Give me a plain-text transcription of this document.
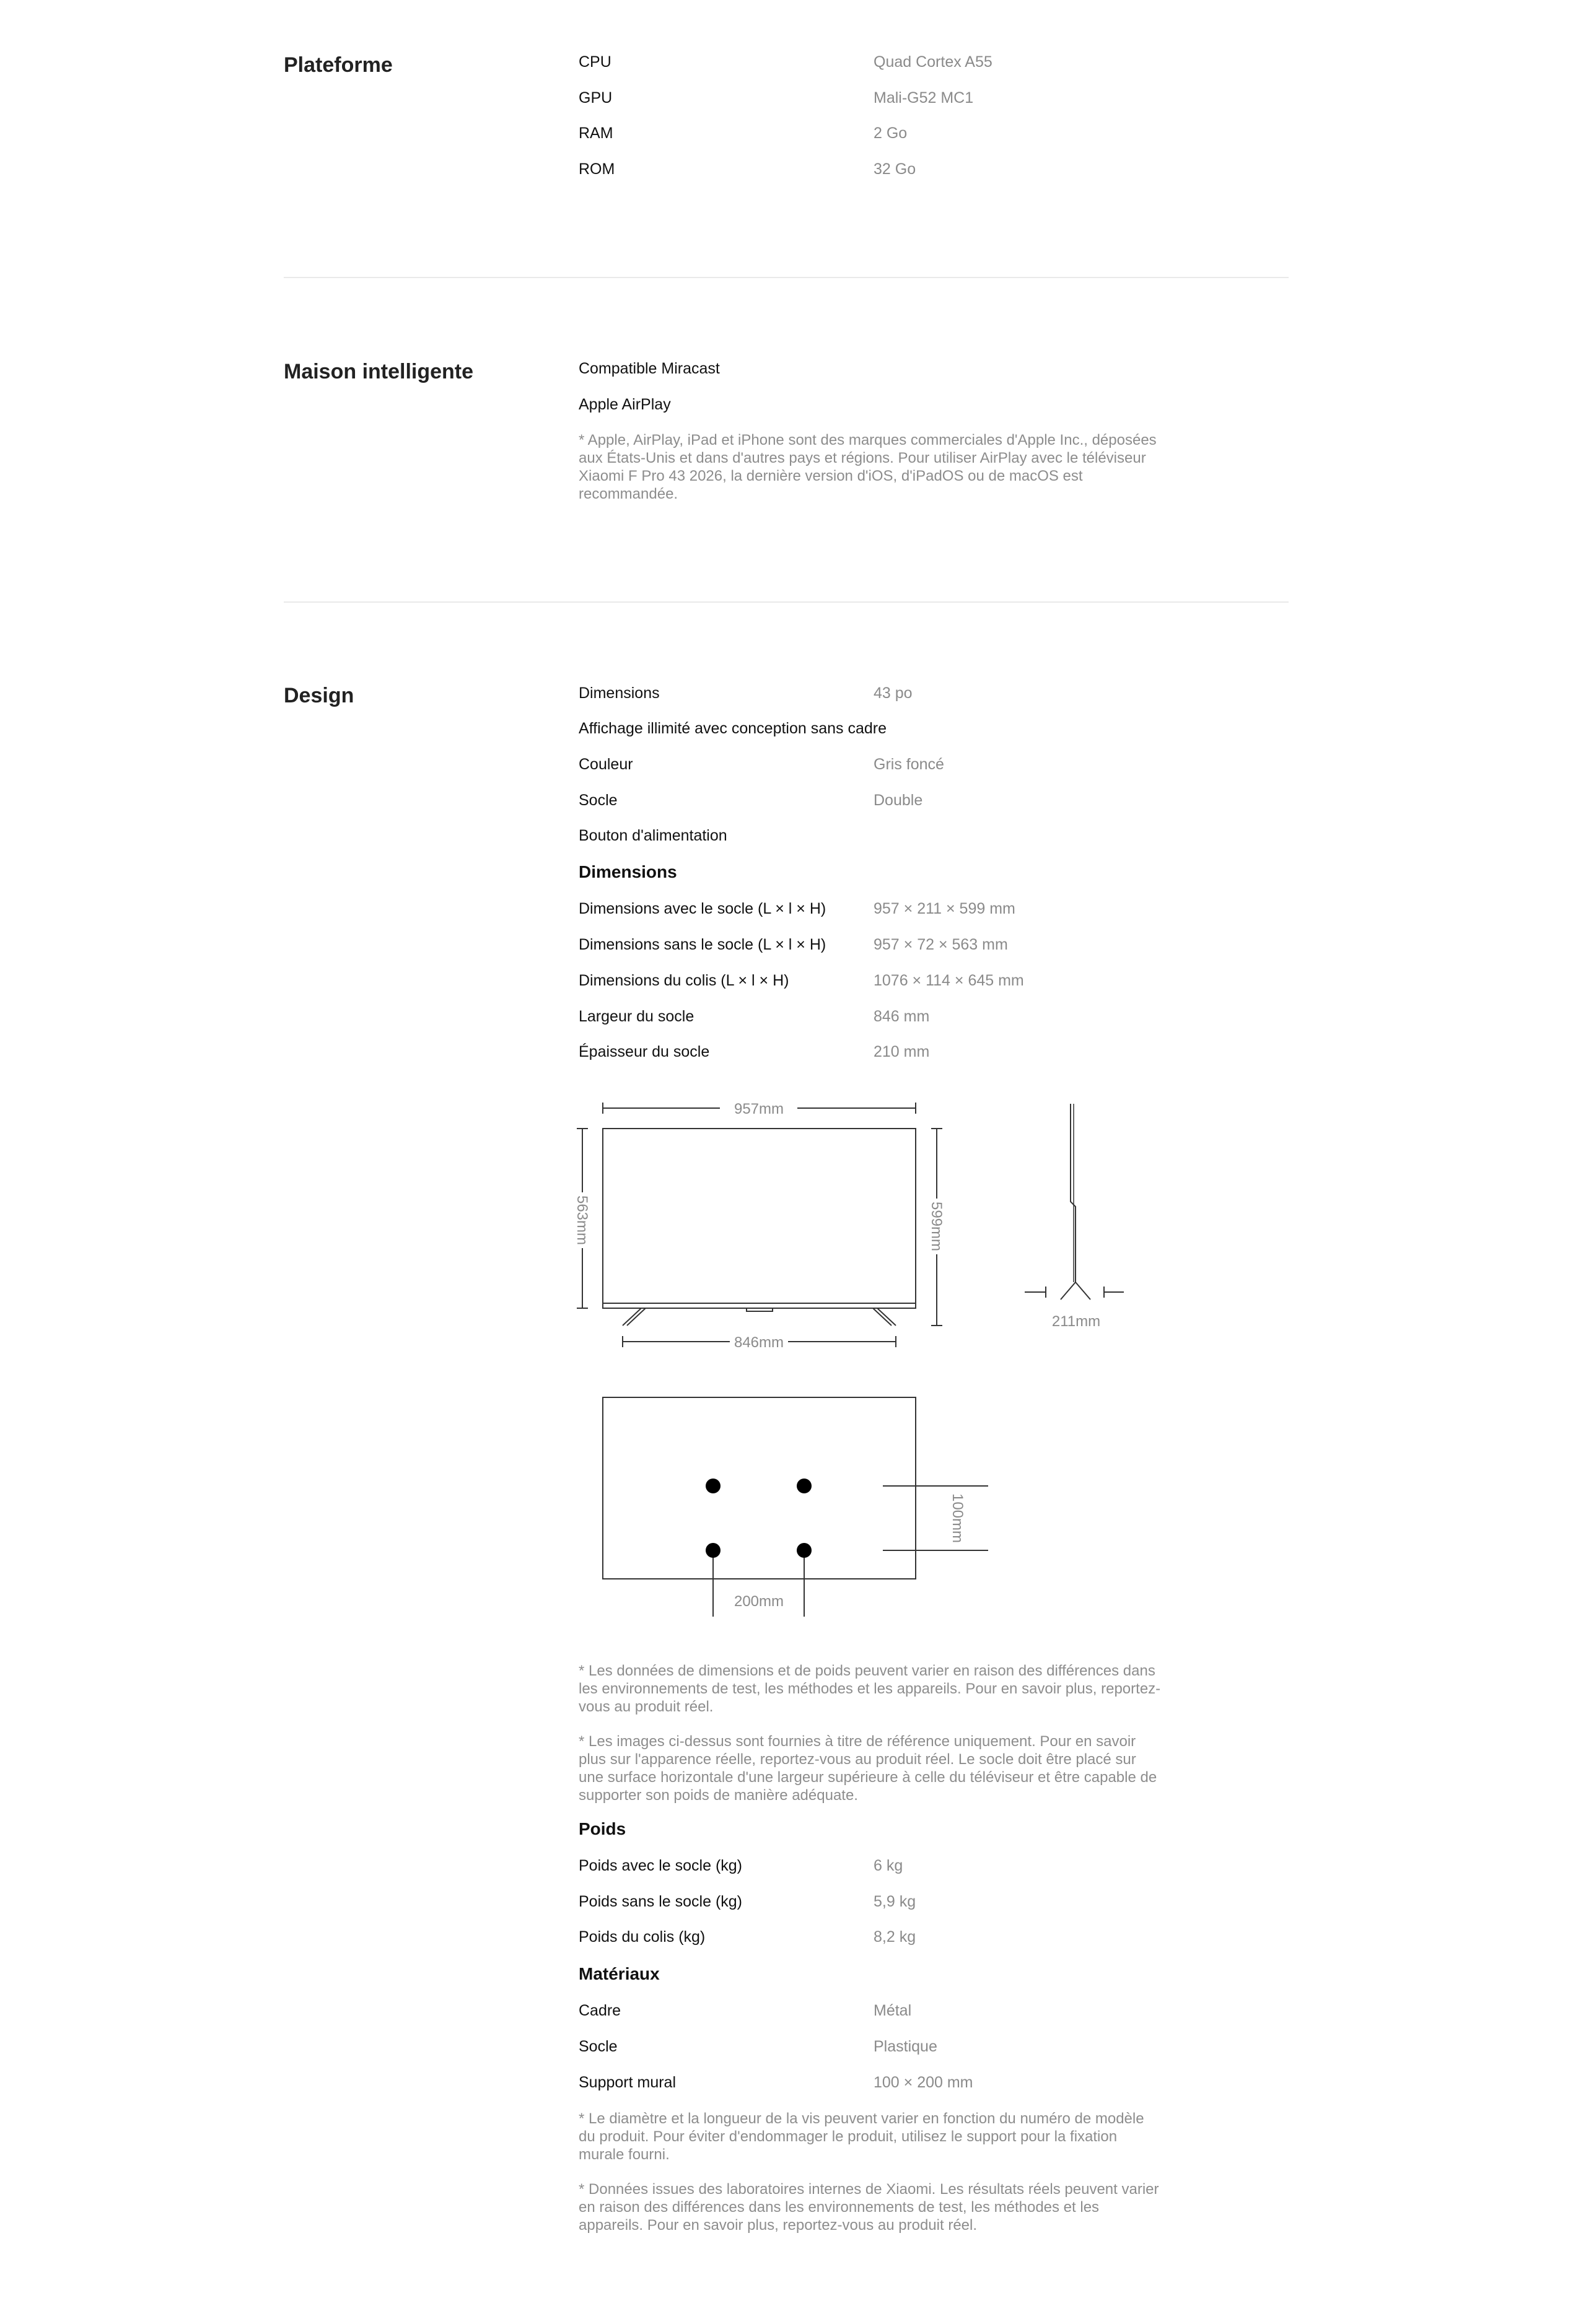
Plateforme	CPU	Quad Cortex A55
GPU	Mali-G52 MC1
RAM	2 Go
ROM	32 Go
Maison intelligente	Compatible Miracast
Apple AirPlay
* Apple, AirPlay, iPad et iPhone sont des marques commerciales d'Apple Inc., déposées aux États-Unis et dans d'autres pays et régions. Pour utiliser AirPlay avec le téléviseur Xiaomi F Pro 43 2026, la dernière version d'iOS, d'iPadOS ou de macOS est recommandée.
Design	Dimensions	43 po
Affichage illimité avec conception sans cadre
Couleur	Gris foncé
Socle	Double
Bouton d'alimentation
Dimensions
Dimensions avec le socle (L × l × H)	957 × 211 × 599 mm
Dimensions sans le socle (L × l × H)	957 × 72 × 563 mm
Dimensions du colis (L × l × H)	1076 × 114 × 645 mm
Largeur du socle	846 mm
Épaisseur du socle	210 mm
957mm
846mm
211mm
200mm
563mm	599mm
100mm
* Les données de dimensions et de poids peuvent varier en raison des différences dans les environnements de test, les méthodes et les appareils. Pour en savoir plus, reportez-vous au produit réel.
* Les images ci-dessus sont fournies à titre de référence uniquement. Pour en savoir plus sur l'apparence réelle, reportez-vous au produit réel. Le socle doit être placé sur une surface horizontale d'une largeur supérieure à celle du téléviseur et être capable de supporter son poids de manière adéquate.
Poids
Poids avec le socle (kg)	6 kg
Poids sans le socle (kg)	5,9 kg
Poids du colis (kg)	8,2 kg
Matériaux
Cadre	Métal
Socle	Plastique
Support mural	100 × 200 mm
* Le diamètre et la longueur de la vis peuvent varier en fonction du numéro de modèle du produit. Pour éviter d'endommager le produit, utilisez le support pour la fixation murale fourni.
* Données issues des laboratoires internes de Xiaomi. Les résultats réels peuvent varier en raison des différences dans les environnements de test, les méthodes et les appareils. Pour en savoir plus, reportez-vous au produit réel.
